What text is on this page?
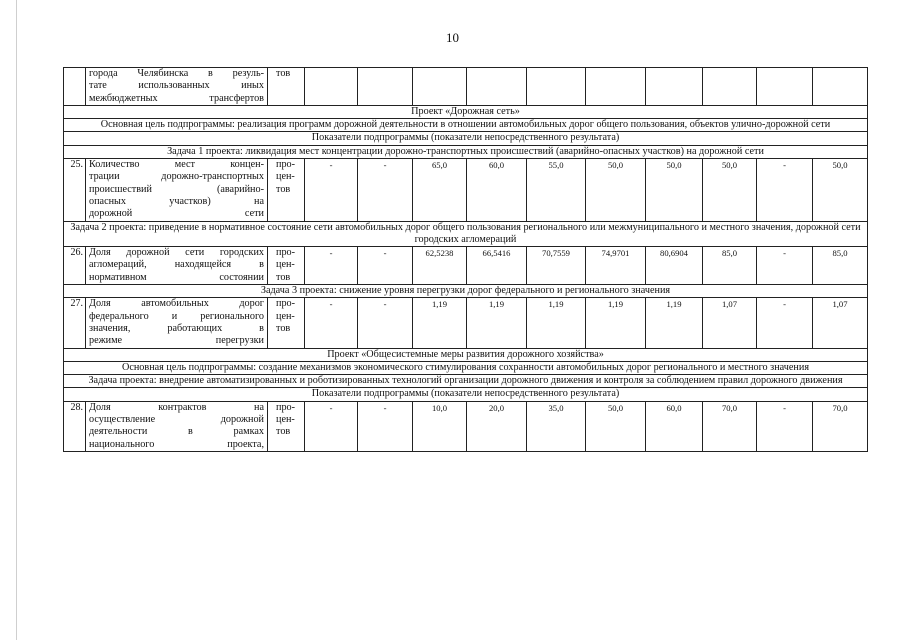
10

	города Челябинска в резуль-
тате использованных иных
межбюджетных трансфертов	тов										

Проект «Дорожная сеть»												
Основная цель подпрограммы: реализация программ дорожной деятельности в отношении автомобильных дорог общего пользования, объектов улично-дорожной сети												
Показатели подпрограммы (показатели непосредственного результата)												
Задача 1 проекта: ликвидация мест концентрации дорожно-транспортных происшествий (аварийно-опасных участков) на дорожной сети												
25.	Количество мест концен-
трации дорожно-транспортных
происшествий (аварийно-
опасных участков) на
дорожной сети	про-
цен-
тов	-	-	65,0	60,0	55,0	50,0	50,0	50,0	-	50,0
Задача 2 проекта: приведение в нормативное состояние сети автомобильных дорог общего пользования регионального или межмуниципального и местного значения, дорожной сети городских агломераций												
26.	Доля дорожной сети городских
агломераций, находящейся в
нормативном состоянии	про-
цен-
тов	-	-	62,5238	66,5416	70,7559	74,9701	80,6904	85,0	-	85,0
Задача 3 проекта: снижение уровня перегрузки дорог федерального и регионального значения												
27.	Доля автомобильных дорог
федерального и регионального
значения, работающих в
режиме перегрузки	про-
цен-
тов	-	-	1,19	1,19	1,19	1,19	1,19	1,07	-	1,07
Проект «Общесистемные меры развития дорожного хозяйства»												
Основная цель подпрограммы: создание механизмов экономического стимулирования сохранности автомобильных дорог регионального и местного значения												
Задача проекта: внедрение автоматизированных и роботизированных технологий организации дорожного движения и контроля за соблюдением правил дорожного движения												
Показатели подпрограммы (показатели непосредственного результата)												
28.	Доля контрактов на
осуществление дорожной
деятельности в рамках
национального проекта,	про-
цен-
тов	-	-	10,0	20,0	35,0	50,0	60,0	70,0	-	70,0
